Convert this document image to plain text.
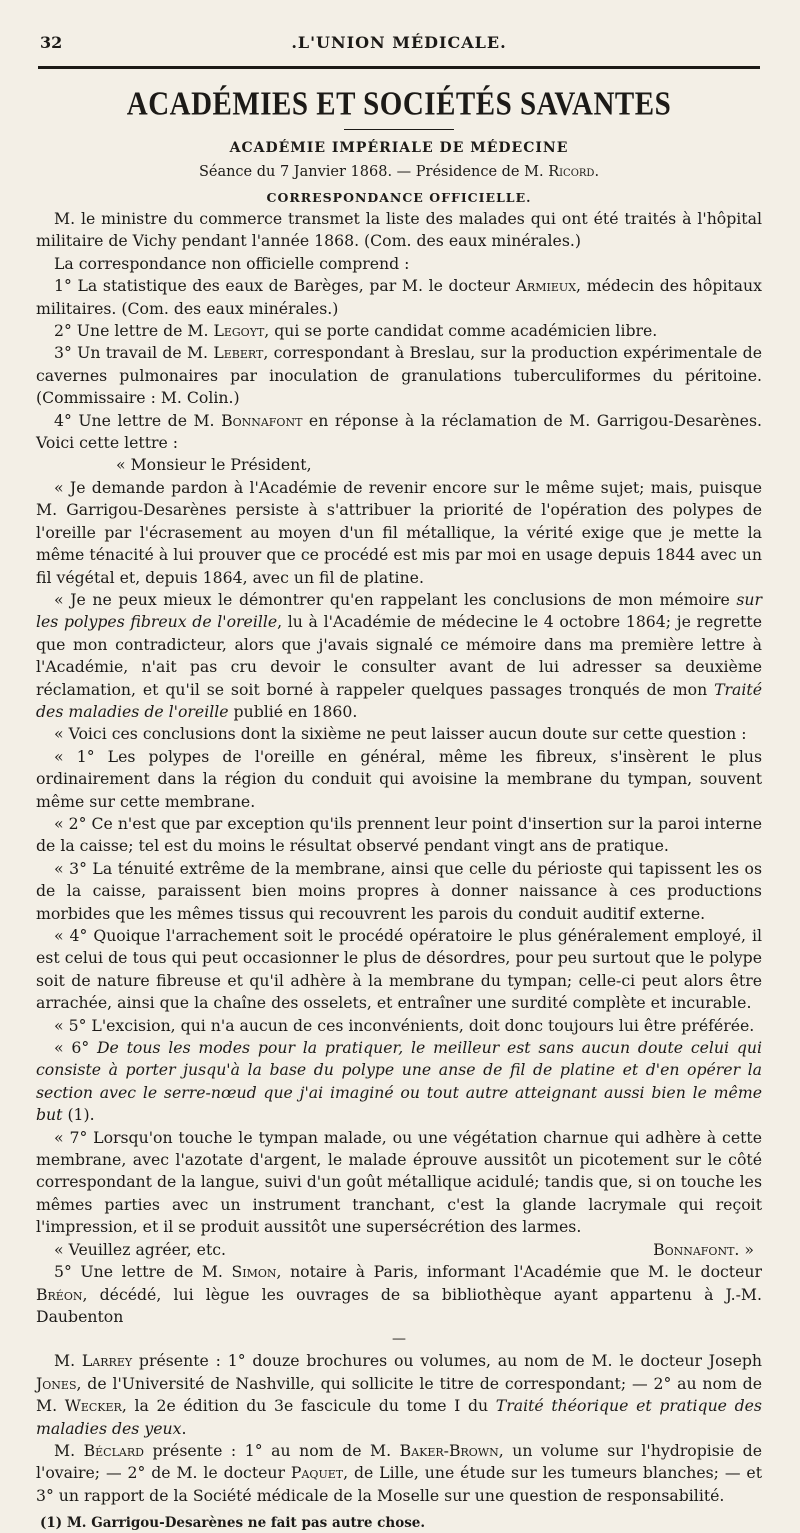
32	.L'UNION MÉDICALE.
ACADÉMIES ET SOCIÉTÉS SAVANTES
ACADÉMIE IMPÉRIALE DE MÉDECINE
Séance du 7 Janvier 1868. — Présidence de M. Ricord.
CORRESPONDANCE OFFICIELLE.

M. le ministre du commerce transmet la liste des malades qui ont été traités à l'hôpital militaire de Vichy pendant l'année 1868. (Com. des eaux minérales.)

La correspondance non officielle comprend :

1° La statistique des eaux de Barèges, par M. le docteur Armieux, médecin des hôpitaux militaires. (Com. des eaux minérales.)

2° Une lettre de M. Legoyt, qui se porte candidat comme académicien libre.

3° Un travail de M. Lebert, correspondant à Breslau, sur la production expérimentale de cavernes pulmonaires par inoculation de granulations tuberculiformes du péritoine. (Commissaire : M. Colin.)

4° Une lettre de M. Bonnafont en réponse à la réclamation de M. Garrigou-Desarènes. Voici cette lettre :

« Monsieur le Président,

« Je demande pardon à l'Académie de revenir encore sur le même sujet; mais, puisque M. Garrigou-Desarènes persiste à s'attribuer la priorité de l'opération des polypes de l'oreille par l'écrasement au moyen d'un fil métallique, la vérité exige que je mette la même ténacité à lui prouver que ce procédé est mis par moi en usage depuis 1844 avec un fil végétal et, depuis 1864, avec un fil de platine.

« Je ne peux mieux le démontrer qu'en rappelant les conclusions de mon mémoire sur les polypes fibreux de l'oreille, lu à l'Académie de médecine le 4 octobre 1864; je regrette que mon contradicteur, alors que j'avais signalé ce mémoire dans ma première lettre à l'Académie, n'ait pas cru devoir le consulter avant de lui adresser sa deuxième réclamation, et qu'il se soit borné à rappeler quelques passages tronqués de mon Traité des maladies de l'oreille publié en 1860.

« Voici ces conclusions dont la sixième ne peut laisser aucun doute sur cette question :

« 1° Les polypes de l'oreille en général, même les fibreux, s'insèrent le plus ordinairement dans la région du conduit qui avoisine la membrane du tympan, souvent même sur cette membrane.

« 2° Ce n'est que par exception qu'ils prennent leur point d'insertion sur la paroi interne de la caisse; tel est du moins le résultat observé pendant vingt ans de pratique.

« 3° La ténuité extrême de la membrane, ainsi que celle du périoste qui tapissent les os de la caisse, paraissent bien moins propres à donner naissance à ces productions morbides que les mêmes tissus qui recouvrent les parois du conduit auditif externe.

« 4° Quoique l'arrachement soit le procédé opératoire le plus généralement employé, il est celui de tous qui peut occasionner le plus de désordres, pour peu surtout que le polype soit de nature fibreuse et qu'il adhère à la membrane du tympan; celle-ci peut alors être arrachée, ainsi que la chaîne des osselets, et entraîner une surdité complète et incurable.

« 5° L'excision, qui n'a aucun de ces inconvénients, doit donc toujours lui être préférée.

« 6° De tous les modes pour la pratiquer, le meilleur est sans aucun doute celui qui consiste à porter jusqu'à la base du polype une anse de fil de platine et d'en opérer la section avec le serre-nœud que j'ai imaginé ou tout autre atteignant aussi bien le même but (1).

« 7° Lorsqu'on touche le tympan malade, ou une végétation charnue qui adhère à cette membrane, avec l'azotate d'argent, le malade éprouve aussitôt un picotement sur le côté correspondant de la langue, suivi d'un goût métallique acidulé; tandis que, si on touche les mêmes parties avec un instrument tranchant, c'est la glande lacrymale qui reçoit l'impression, et il se produit aussitôt une supersécrétion des larmes.

« Veuillez agréer, etc.	Bonnafont. »

5° Une lettre de M. Simon, notaire à Paris, informant l'Académie que M. le docteur Bréon, décédé, lui lègue les ouvrages de sa bibliothèque ayant appartenu à J.-M. Daubenton

—

M. Larrey présente : 1° douze brochures ou volumes, au nom de M. le docteur Joseph Jones, de l'Université de Nashville, qui sollicite le titre de correspondant; — 2° au nom de M. Wecker, la 2e édition du 3e fascicule du tome I du Traité théorique et pratique des maladies des yeux.

M. Béclard présente : 1° au nom de M. Baker-Brown, un volume sur l'hydropisie de l'ovaire; — 2° de M. le docteur Paquet, de Lille, une étude sur les tumeurs blanches; — et 3° un rapport de la Société médicale de la Moselle sur une question de responsabilité.

(1) M. Garrigou-Desarènes ne fait pas autre chose.
